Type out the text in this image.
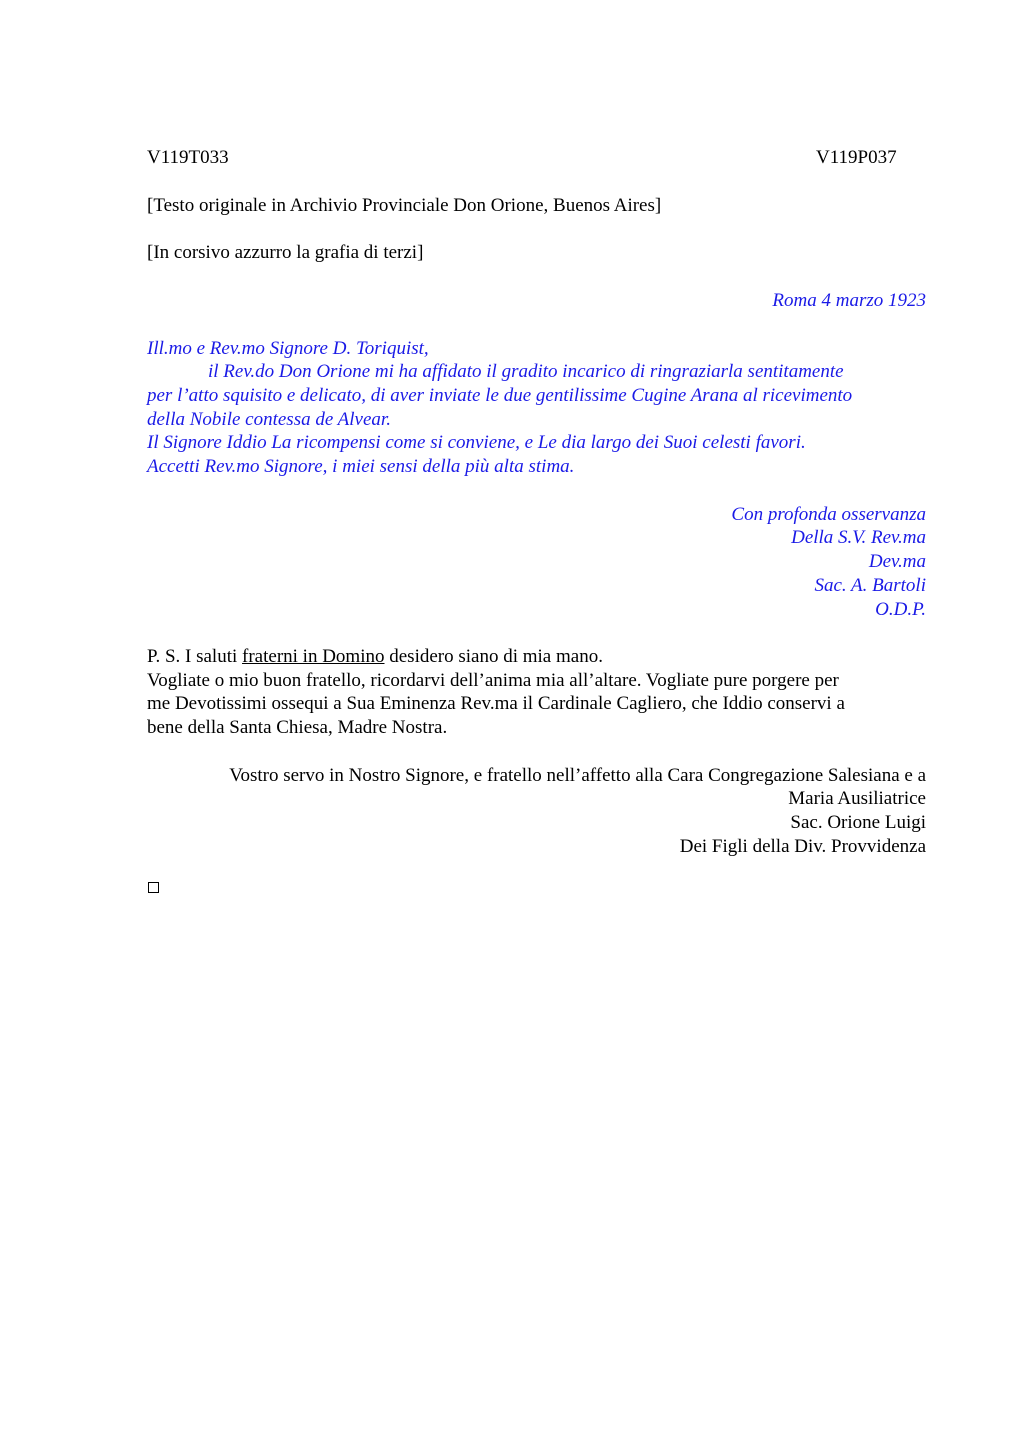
V119T033	V119P037
[Testo originale in Archivio Provinciale Don Orione, Buenos Aires]
[In corsivo azzurro la grafia di terzi]
Roma 4 marzo 1923
Ill.mo e Rev.mo Signore D. Toriquist,
il Rev.do Don Orione mi ha affidato il gradito incarico di ringraziarla sentitamente
per l’atto squisito e delicato, di aver inviate le due gentilissime Cugine Arana al ricevimento
della Nobile contessa de Alvear.
Il Signore Iddio La ricompensi come si conviene, e Le dia largo dei Suoi celesti favori.
Accetti Rev.mo Signore, i miei sensi della più alta stima.
Con profonda osservanza
Della S.V. Rev.ma
Dev.ma
Sac. A. Bartoli
O.D.P.
P. S. I saluti fraterni in Domino desidero siano di mia mano.
Vogliate o mio buon fratello, ricordarvi dell’anima mia all’altare. Vogliate pure porgere per
me Devotissimi ossequi a Sua Eminenza Rev.ma il Cardinale Cagliero, che Iddio conservi a
bene della Santa Chiesa, Madre Nostra.
Vostro servo in Nostro Signore, e fratello nell’affetto alla Cara Congregazione Salesiana e a
Maria Ausiliatrice
Sac. Orione Luigi
Dei Figli della Div. Provvidenza
